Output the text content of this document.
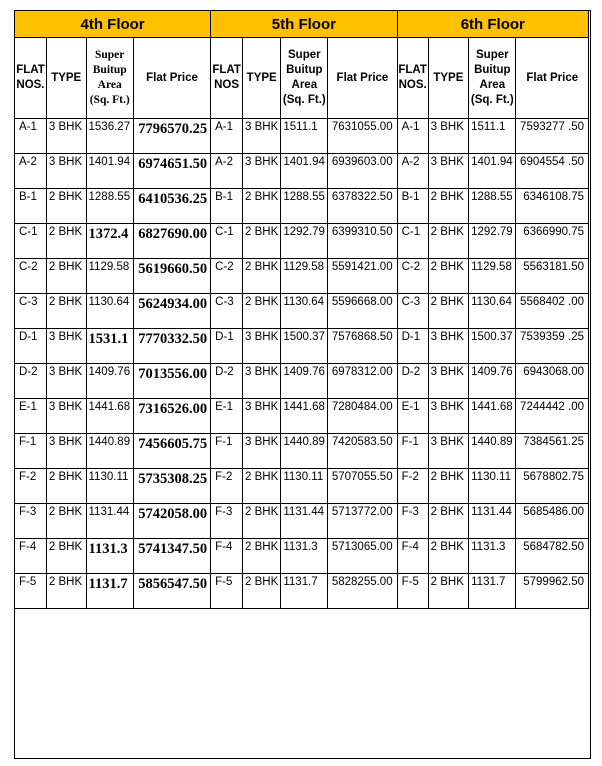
4th Floor				5th Floor				6th Floor			
FLAT NOS.	TYPE	Super Buitup Area (Sq. Ft.)	Flat Price	FLAT NOS	TYPE	Super Buitup Area (Sq. Ft.)	Flat Price	FLAT NOS.	TYPE	Super Buitup Area (Sq. Ft.)	Flat Price
A-1	3 BHK	1536.27	7796570.25	A-1	3 BHK	1511.1	7631055.00	A-1	3 BHK	1511.1	7593277 .50
A-2	3 BHK	1401.94	6974651.50	A-2	3 BHK	1401.94	6939603.00	A-2	3 BHK	1401.94	6904554 .50
B-1	2 BHK	1288.55	6410536.25	B-1	2 BHK	1288.55	6378322.50	B-1	2 BHK	1288.55	6346108.75
C-1	2 BHK	1372.4	6827690.00	C-1	2 BHK	1292.79	6399310.50	C-1	2 BHK	1292.79	6366990.75
C-2	2 BHK	1129.58	5619660.50	C-2	2 BHK	1129.58	5591421.00	C-2	2 BHK	1129.58	5563181.50
C-3	2 BHK	1130.64	5624934.00	C-3	2 BHK	1130.64	5596668.00	C-3	2 BHK	1130.64	5568402 .00
D-1	3 BHK	1531.1	7770332.50	D-1	3 BHK	1500.37	7576868.50	D-1	3 BHK	1500.37	7539359 .25
D-2	3 BHK	1409.76	7013556.00	D-2	3 BHK	1409.76	6978312.00	D-2	3 BHK	1409.76	6943068.00
E-1	3 BHK	1441.68	7316526.00	E-1	3 BHK	1441.68	7280484.00	E-1	3 BHK	1441.68	7244442 .00
F-1	3 BHK	1440.89	7456605.75	F-1	3 BHK	1440.89	7420583.50	F-1	3 BHK	1440.89	7384561.25
F-2	2 BHK	1130.11	5735308.25	F-2	2 BHK	1130.11	5707055.50	F-2	2 BHK	1130.11	5678802.75
F-3	2 BHK	1131.44	5742058.00	F-3	2 BHK	1131.44	5713772.00	F-3	2 BHK	1131.44	5685486.00
F-4	2 BHK	1131.3	5741347.50	F-4	2 BHK	1131.3	5713065.00	F-4	2 BHK	1131.3	5684782.50
F-5	2 BHK	1131.7	5856547.50	F-5	2 BHK	1131.7	5828255.00	F-5	2 BHK	1131.7	5799962.50
